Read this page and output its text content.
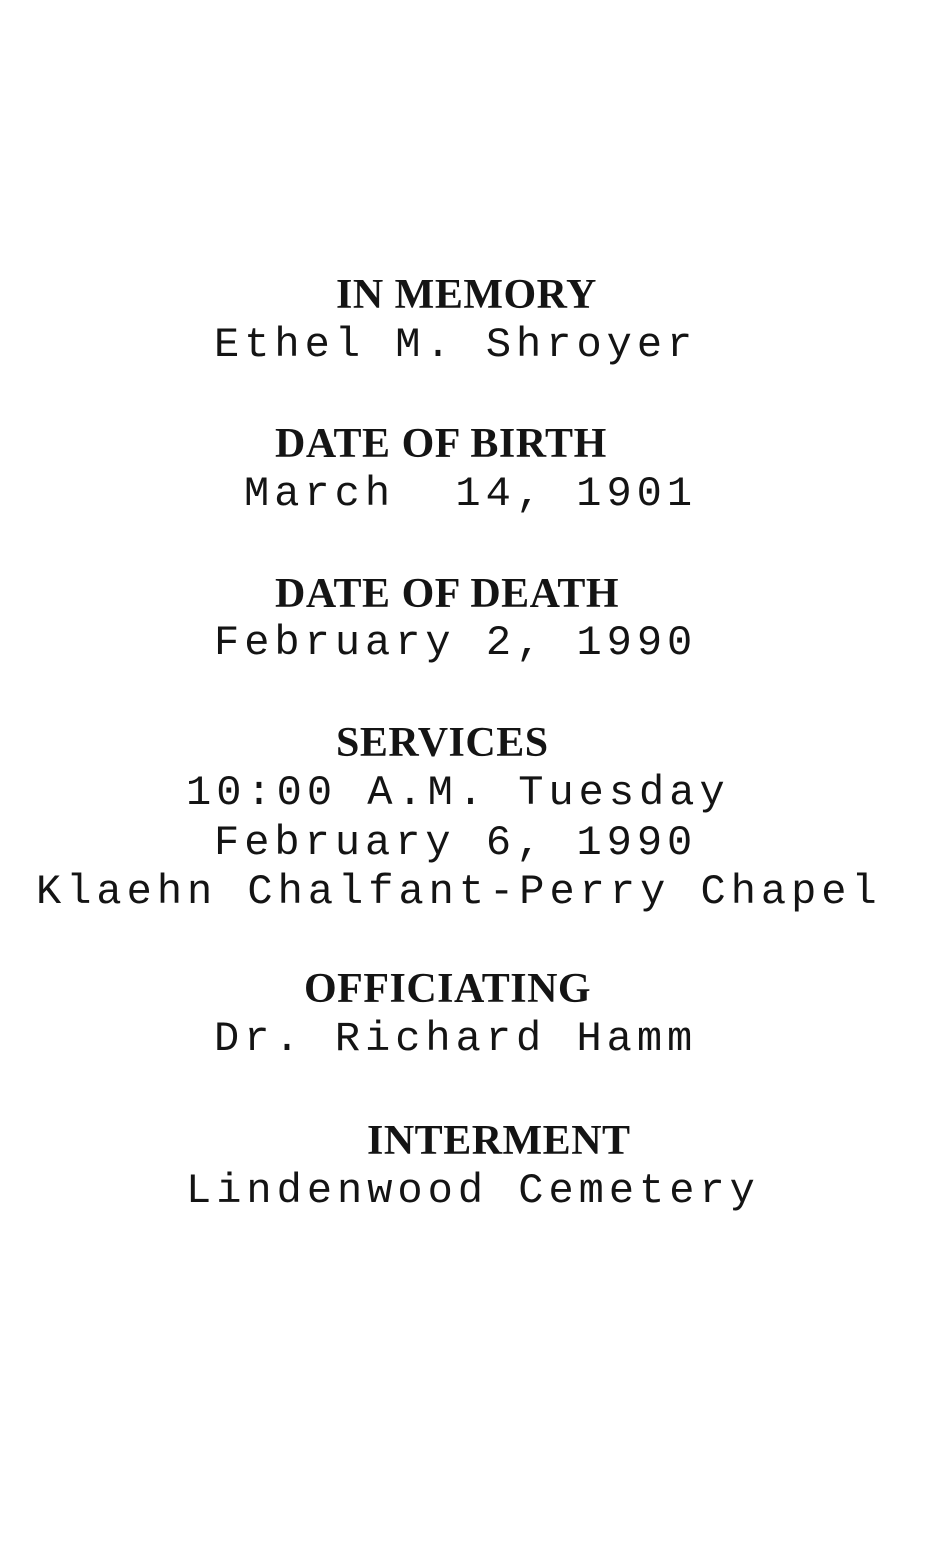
IN MEMORY
Ethel M. Shroyer
DATE OF BIRTH
March  14, 1901
DATE OF DEATH
February 2, 1990
SERVICES
10:00 A.M. Tuesday
February 6, 1990
Klaehn Chalfant-Perry Chapel
OFFICIATING
Dr. Richard Hamm
INTERMENT
Lindenwood Cemetery
